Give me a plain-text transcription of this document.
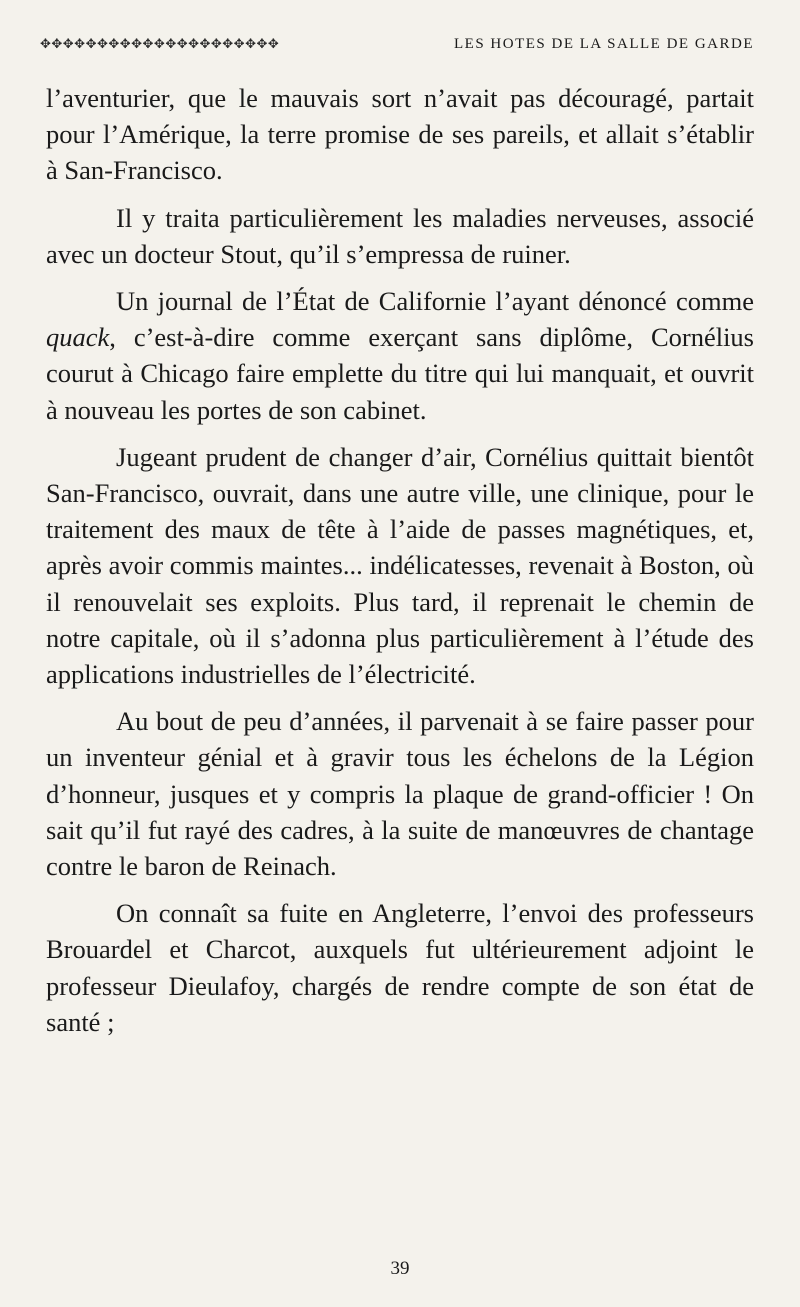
✥✥✥✥✥✥✥✥✥✥✥✥✥✥✥✥✥✥✥✥✥	LES HOTES DE LA SALLE DE GARDE

l’aventurier, que le mauvais sort n’avait pas découragé, partait pour l’Amérique, la terre promise de ses pareils, et allait s’établir à San-Francisco.

Il y traita particulièrement les maladies nerveuses, associé avec un docteur Stout, qu’il s’empressa de ruiner.

Un journal de l’État de Californie l’ayant dénoncé comme quack, c’est-à-dire comme exerçant sans diplôme, Cornélius courut à Chicago faire emplette du titre qui lui manquait, et ouvrit à nouveau les portes de son cabinet.

Jugeant prudent de changer d’air, Cornélius quittait bientôt San-Francisco, ouvrait, dans une autre ville, une clinique, pour le traitement des maux de tête à l’aide de passes magnétiques, et, après avoir commis maintes... indélicatesses, revenait à Boston, où il renouvelait ses exploits. Plus tard, il reprenait le chemin de notre capitale, où il s’adonna plus particulièrement à l’étude des applications industrielles de l’électricité.

Au bout de peu d’années, il parvenait à se faire passer pour un inventeur génial et à gravir tous les échelons de la Légion d’honneur, jusques et y compris la plaque de grand-officier ! On sait qu’il fut rayé des cadres, à la suite de manœuvres de chantage contre le baron de Reinach.

On connaît sa fuite en Angleterre, l’envoi des professeurs Brouardel et Charcot, auxquels fut ultérieurement adjoint le professeur Dieulafoy, chargés de rendre compte de son état de santé ;

39
